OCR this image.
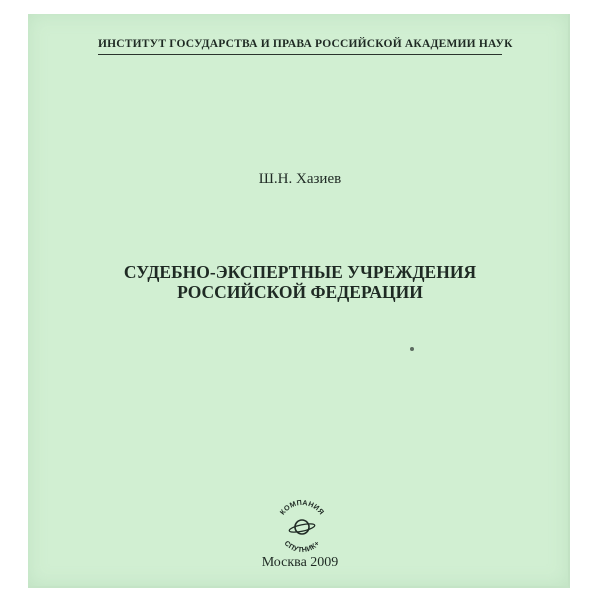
ИНСТИТУТ ГОСУДАРСТВА И ПРАВА РОССИЙСКОЙ АКАДЕМИИ НАУК
Ш.Н. Хазиев
СУДЕБНО-ЭКСПЕРТНЫЕ УЧРЕЖДЕНИЯ
РОССИЙСКОЙ ФЕДЕРАЦИИ
КОМПАНИЯ
СПУТНИК+
Москва 2009
